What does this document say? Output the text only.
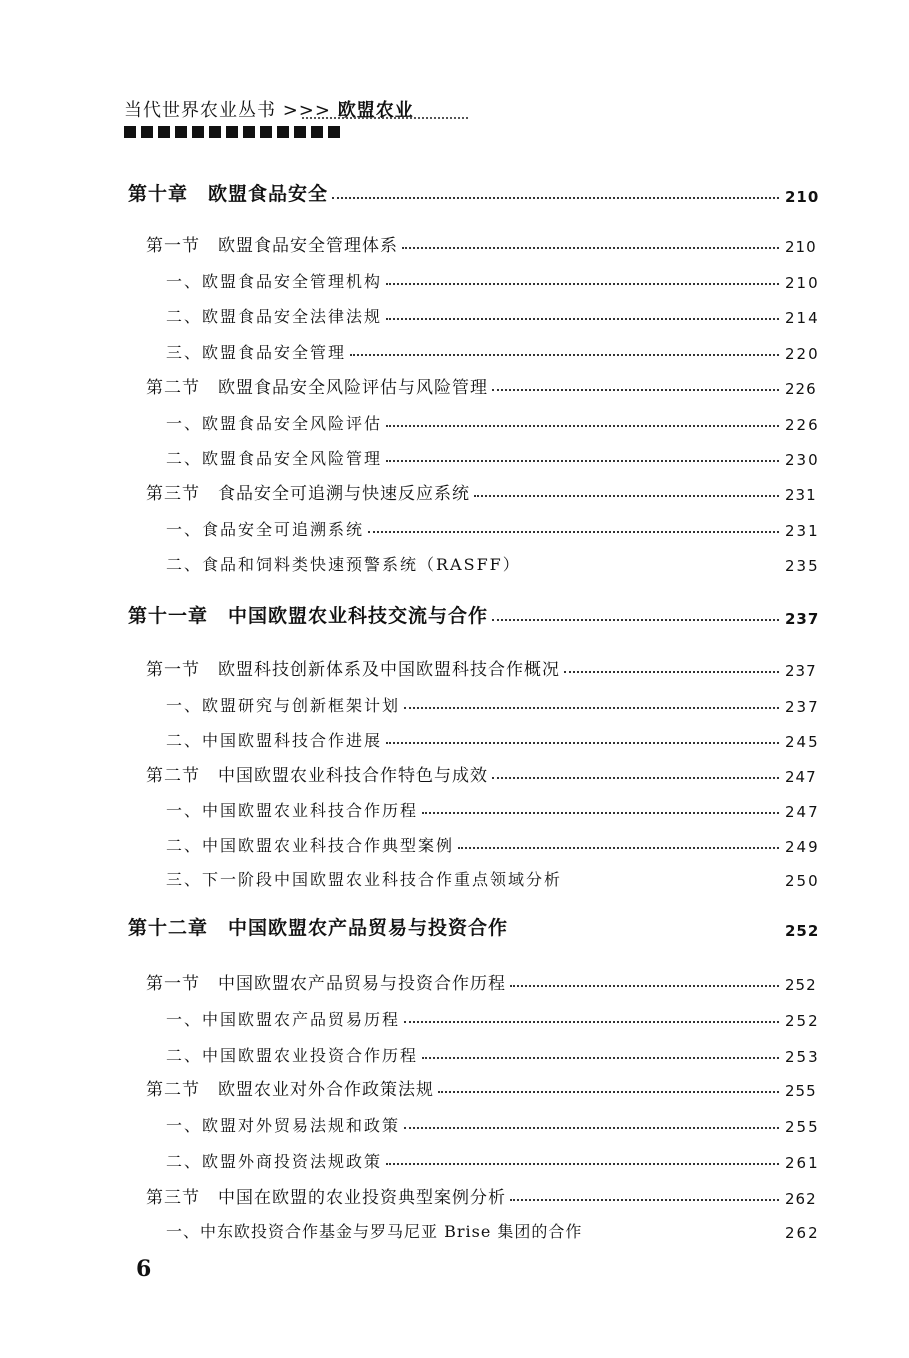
当代世界农业丛书 >>> 欧盟农业
第十章　欧盟食品安全	210
第一节　欧盟食品安全管理体系	210
一、欧盟食品安全管理机构	210
二、欧盟食品安全法律法规	214
三、欧盟食品安全管理	220
第二节　欧盟食品安全风险评估与风险管理	226
一、欧盟食品安全风险评估	226
二、欧盟食品安全风险管理	230
第三节　食品安全可追溯与快速反应系统	231
一、食品安全可追溯系统	231
二、食品和饲料类快速预警系统（RASFF）	235
第十一章　中国欧盟农业科技交流与合作	237
第一节　欧盟科技创新体系及中国欧盟科技合作概况	237
一、欧盟研究与创新框架计划	237
二、中国欧盟科技合作进展	245
第二节　中国欧盟农业科技合作特色与成效	247
一、中国欧盟农业科技合作历程	247
二、中国欧盟农业科技合作典型案例	249
三、下一阶段中国欧盟农业科技合作重点领域分析	250
第十二章　中国欧盟农产品贸易与投资合作	252
第一节　中国欧盟农产品贸易与投资合作历程	252
一、中国欧盟农产品贸易历程	252
二、中国欧盟农业投资合作历程	253
第二节　欧盟农业对外合作政策法规	255
一、欧盟对外贸易法规和政策	255
二、欧盟外商投资法规政策	261
第三节　中国在欧盟的农业投资典型案例分析	262
一、中东欧投资合作基金与罗马尼亚 Brise 集团的合作	262
6
